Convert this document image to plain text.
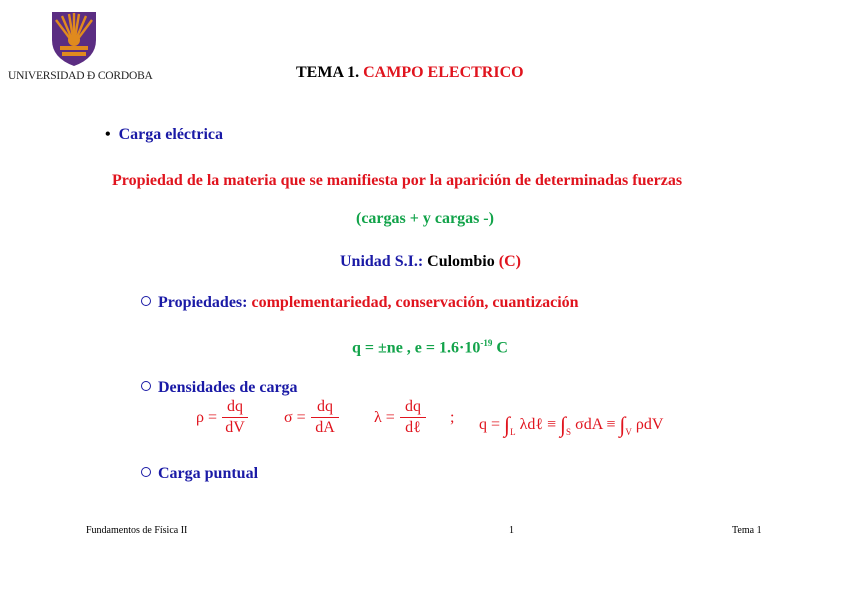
UNIVERSIDAD Ð CORDOBA	TEMA 1. CAMPO ELECTRICO
• Carga eléctrica
Propiedad de la materia que se manifiesta por la aparición de determinadas fuerzas
(cargas + y cargas -)
Unidad S.I.: Culombio (C)
Propiedades: complementariedad, conservación, cuantización
q = ±ne , $e = 1.6\cdot 10^{-19}$ C
Densidades de carga
ρ =
dq
dV
σ =
dq
dA
λ =
dq
dℓ
; $q = \int_L$ λdℓ ≡ $\int_S$ $\sigma dA \equiv \int_V$ ρdV
Carga puntual
Fundamentos de Física II	1	Tema 1
